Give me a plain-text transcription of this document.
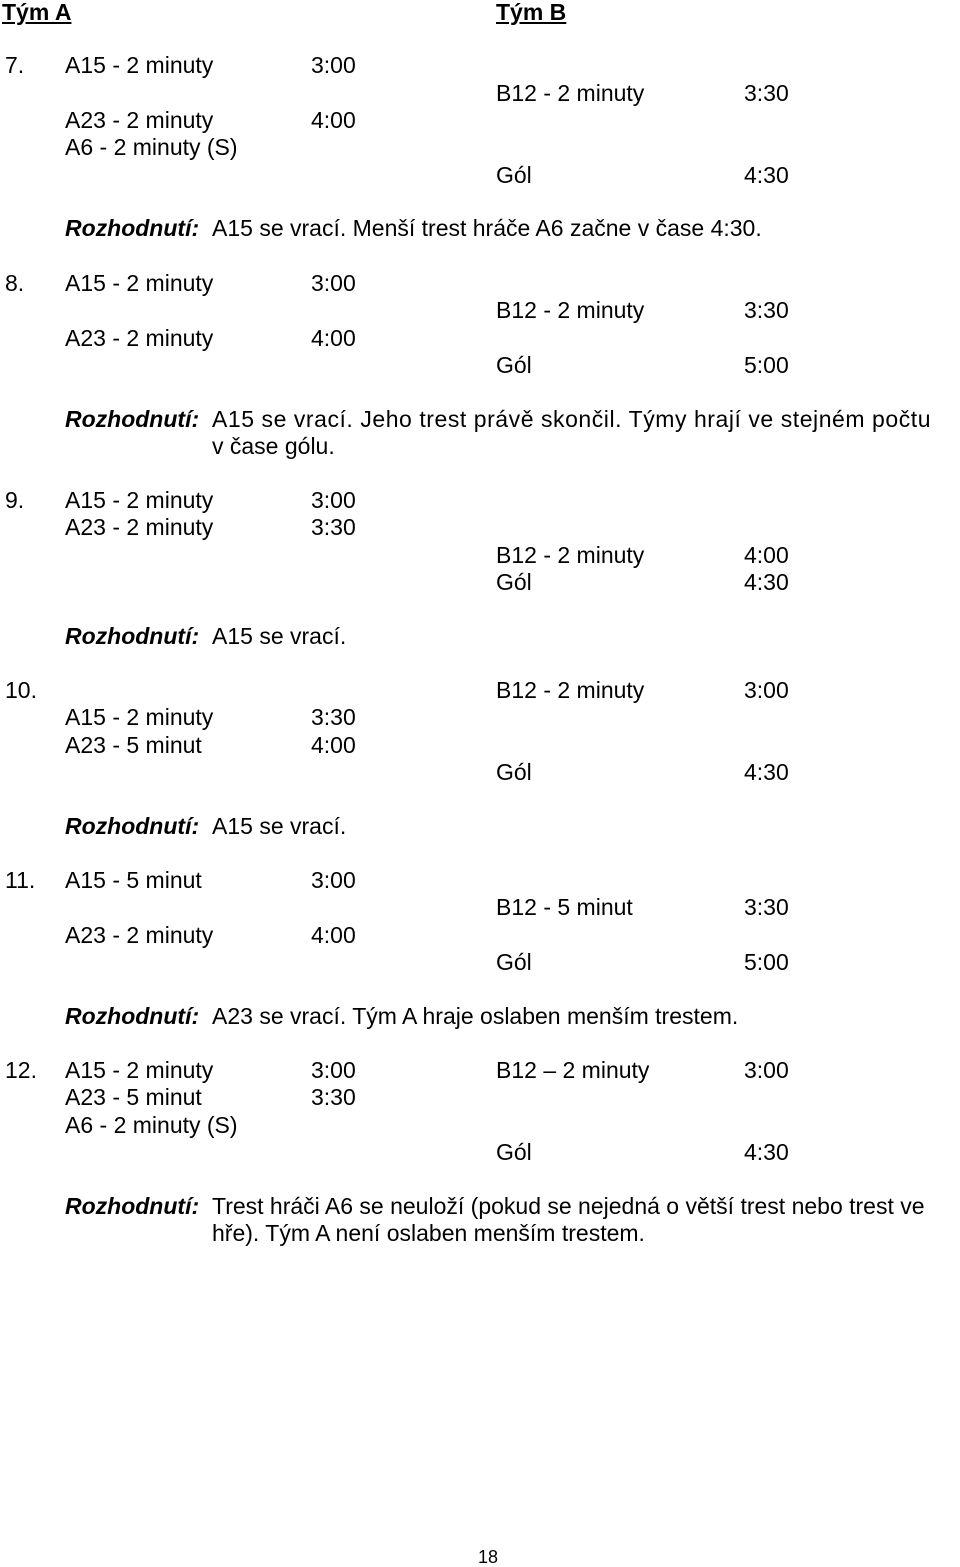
Tým A	Tým B
7. A15 - 2 minuty	3:00
B12 - 2 minuty	3:30
A23 - 2 minuty	4:00
A6 - 2 minuty (S)
Gól	4:30
Rozhodnutí: A15 se vrací. Menší trest hráče A6 začne v čase 4:30.
8. A15 - 2 minuty	3:00
B12 - 2 minuty	3:30
A23 - 2 minuty	4:00
Gól	5:00
Rozhodnutí: A15 se vrací. Jeho trest právě skončil. Týmy hrají ve stejném počtu
v čase gólu.
9. A15 - 2 minuty	3:00
A23 - 2 minuty	3:30
B12 - 2 minuty	4:00
Gól	4:30
Rozhodnutí: A15 se vrací.
10.	B12 - 2 minuty	3:00
A15 - 2 minuty	3:30
A23 - 5 minut	4:00
Gól	4:30
Rozhodnutí: A15 se vrací.
11. A15 - 5 minut	3:00
B12 - 5 minut	3:30
A23 - 2 minuty	4:00
Gól	5:00
Rozhodnutí: A23 se vrací. Tým A hraje oslaben menším trestem.
12. A15 - 2 minuty	3:00	B12 – 2 minuty	3:00
A23 - 5 minut	3:30
A6 - 2 minuty (S)
Gól	4:30
Rozhodnutí: Trest hráči A6 se neuloží (pokud se nejedná o větší trest nebo trest ve
hře). Tým A není oslaben menším trestem.
18
